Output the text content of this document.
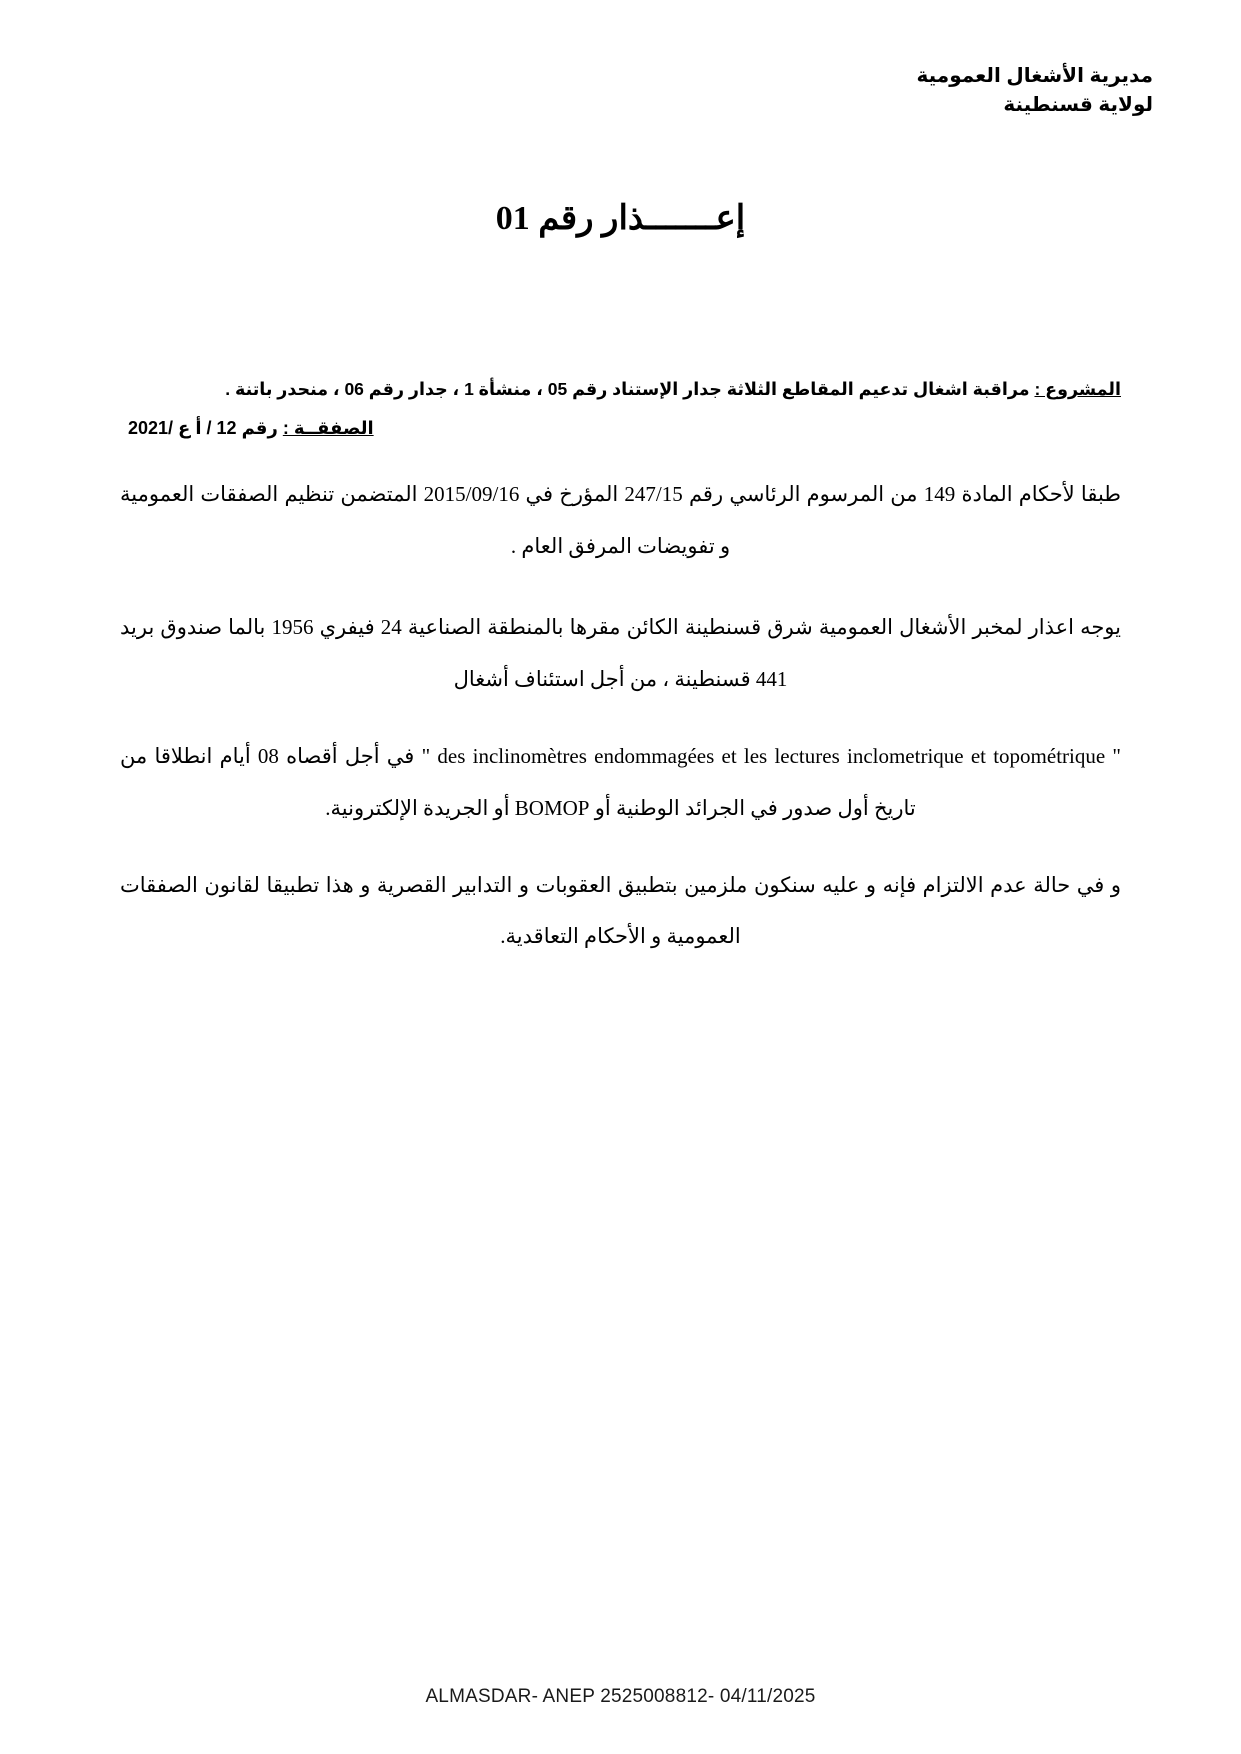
مديرية الأشغال العمومية
لولاية قسنطينة
إعـــــــذار رقم 01

المشروع : مراقبة اشغال تدعيم المقاطع الثلاثة جدار الإستناد رقم 05 ، منشأة 1 ، جدار رقم 06 ، منحدر باتنة .

الصفقــة : رقم 12 / أ ع /2021

طبقا لأحكام المادة 149 من المرسوم الرئاسي رقم 247/15 المؤرخ في 2015/09/16 المتضمن تنظيم الصفقات العمومية و تفويضات المرفق العام .

يوجه اعذار لمخبر الأشغال العمومية شرق قسنطينة الكائن مقرها بالمنطقة الصناعية 24 فيفري 1956 بالما صندوق بريد 441 قسنطينة ، من أجل استئناف أشغال

" des inclinomètres endommagées et les lectures inclometrique et topométrique " في أجل أقصاه 08 أيام انطلاقا من تاريخ أول صدور في الجرائد الوطنية أو BOMOP أو الجريدة الإلكترونية.

و في حالة عدم الالتزام فإنه و عليه سنكون ملزمين بتطبيق العقوبات و التدابير القصرية و هذا تطبيقا لقانون الصفقات العمومية و الأحكام التعاقدية.

ALMASDAR- ANEP 2525008812- 04/11/2025
